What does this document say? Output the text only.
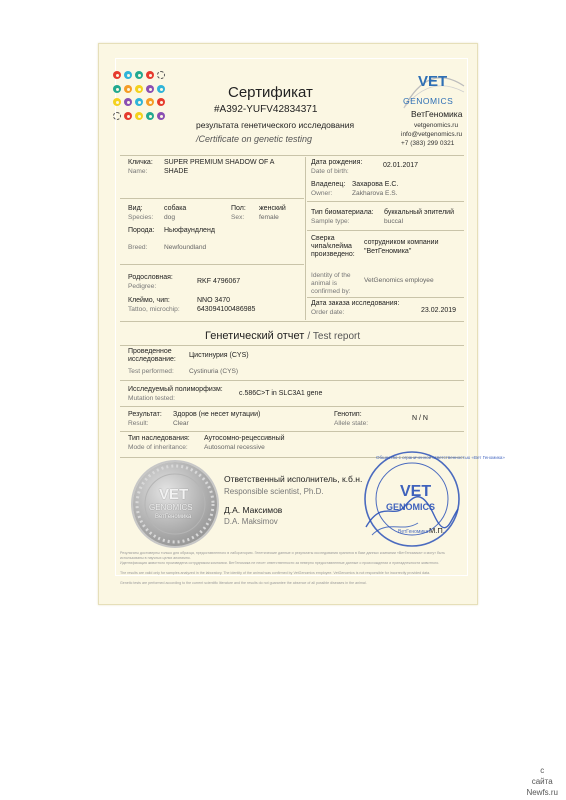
Сертификат
#A392-YUFV42834371
результата генетического исследования
/Certificate on genetic testing
VET
GENOMICS
ВетГеномика
vetgenomics.ru
info@vetgenomics.ru
+7 (383) 299 0321
Кличка:
Name:
SUPER PREMIUM SHADOW OF A
SHADE
Вид:
Species:
собака
dog
Пол:
Sex:
женский
female
Порода: Ньюфаундленд
Breed:	Newfoundland
Родословная:
Pedigree:
RKF 4796067
Клеймо, чип:
Tattoo, microchip:
NNO 3470
643094100486985
Дата рождения:
Date of birth:
02.01.2017
Владелец:
Owner:
Захарова Е.С.
Zakharova E.S.
Тип биоматериала:
Sample type:
буккальный эпителий
buccal
Сверка
чипа/клейма
произведено:
сотрудником компании
"ВетГеномика"
Identity of the
animal is
confirmed by:
VetGenomics employee
Дата заказа исследования:
Order date:	23.02.2019
Генетический отчет / Test report
Проведенное
исследование:
Цистинурия (CYS)
Test performed: Cystinuria (CYS)
Исследуемый полиморфизм:
Mutation tested:
c.586C>T in SLC3A1 gene
Результат:
Result:
Здоров (не несет мутации)
Clear
Генотип:
Allele state:
N / N
Тип наследования:
Mode of inheritance:
Аутосомно-рецессивный
Autosomal recessive
VET
GENOMICS
ВетГеномика
Ответственный исполнитель, к.б.н.
Responsible scientist, Ph.D.
Д.А. Максимов
D.A. Maksimov
М.П.
Общество с ограниченной ответственностью «Вет Геномика»
VET
GENOMICS
ВетГеномика
Результаты достоверны только для образца, предоставленного в лабораторию. Генетические данные и результаты исследования хранятся в базе данных компании «ВетГеномика» и могут быть использованы в научных целях анонимно.
Идентификация животного произведена сотрудником компании. ВетГеномика не несет ответственности за неверно предоставленные данные о происхождении и принадлежности животного.
The results are valid only for samples analyzed in the laboratory. The identity of the animal was confirmed by VetGenomics employee. VetGenomics is not responsible for incorrectly provided data.
Genetic tests are performed according to the current scientific literature and the results do not guarantee the absence of all possible diseases in the animal.
с
сайта
Newfs.ru
